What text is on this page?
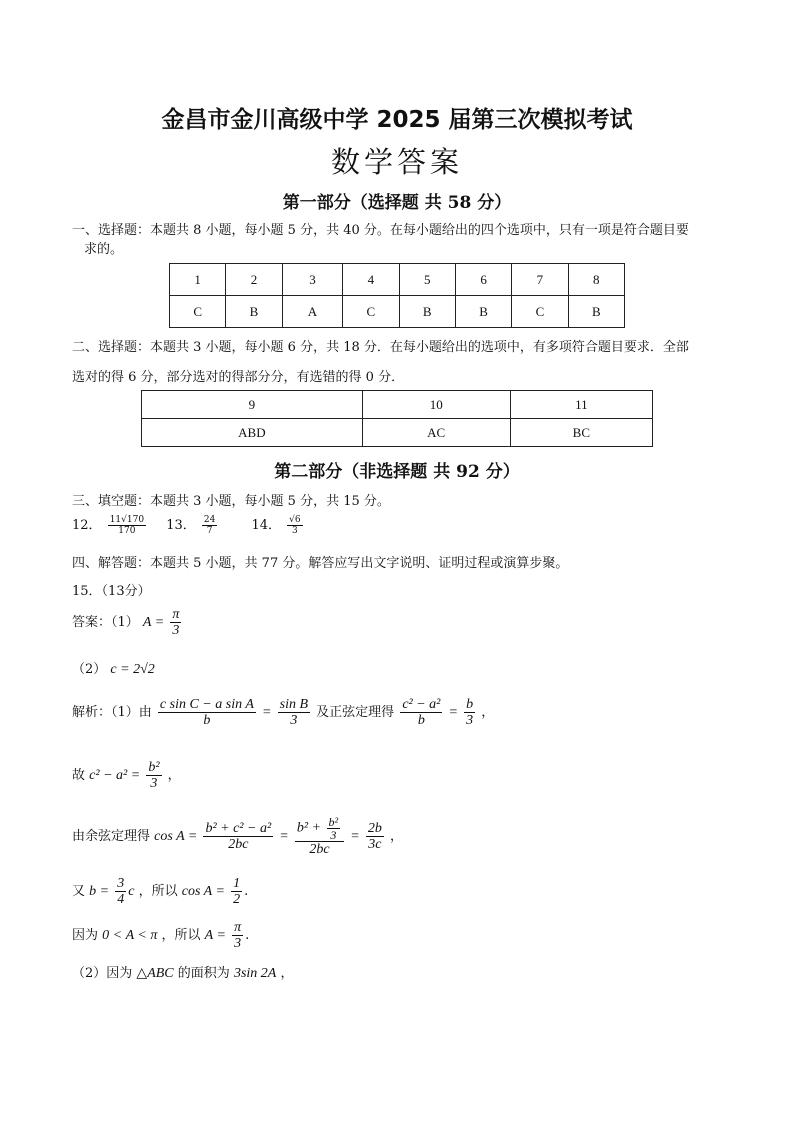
金昌市金川高级中学 2025 届第三次模拟考试
数学答案
第一部分（选择题 共 58 分）
一、选择题：本题共 8 小题，每小题 5 分，共 40 分。在每小题给出的四个选项中，只有一项是符合题目要
求的。
1	2	3	4	5	6	7	8
C	B	A	C	B	B	C	B
二、选择题：本题共 3 小题，每小题 6 分，共 18 分．在每小题给出的选项中，有多项符合题目要求．全部
选对的得 6 分，部分选对的得部分分，有选错的得 0 分．
9	10	11
ABD	AC	BC
第二部分（非选择题 共 92 分）
三、填空题：本题共 3 小题，每小题 5 分，共 15 分。
12． $\frac{11√170}{170} 13$． $\frac{24}{7}$	14． $\frac{√6}{3}$
四、解答题：本题共 5 小题，共 77 分。解答应写出文字说明、证明过程或演算步聚。
15．（13分）
答案：（1） $A = \frac{\pi}{3}$
（2） c = 2√2
解析：（1）由 $\frac{\text{c sin C − a sin A}}{b} = \frac{\text{sin B}}{3}$ 及正弦定理得 $\frac{\text{c² − a²}}{b} = \frac{b}{3}$ ，
故 $c^2 - a^2 = \frac{\text{b²}}{3}$ ，
由余弦定理得 $\cos A = \frac{\text{b² + c² − a²}}{2bc} = \frac{b^2 + \frac{\text{b²}}{3}}{2bc} = \frac{2b}{3c}$ ，
又 $b = \frac{3}{4}$ c ，所以 $\cos A = \frac{1}{2}$ .
因为 0 < A < π ，所以 $A = \frac{\pi}{3}$ .
（2）因为 △ABC 的面积为 3sin 2A ，
